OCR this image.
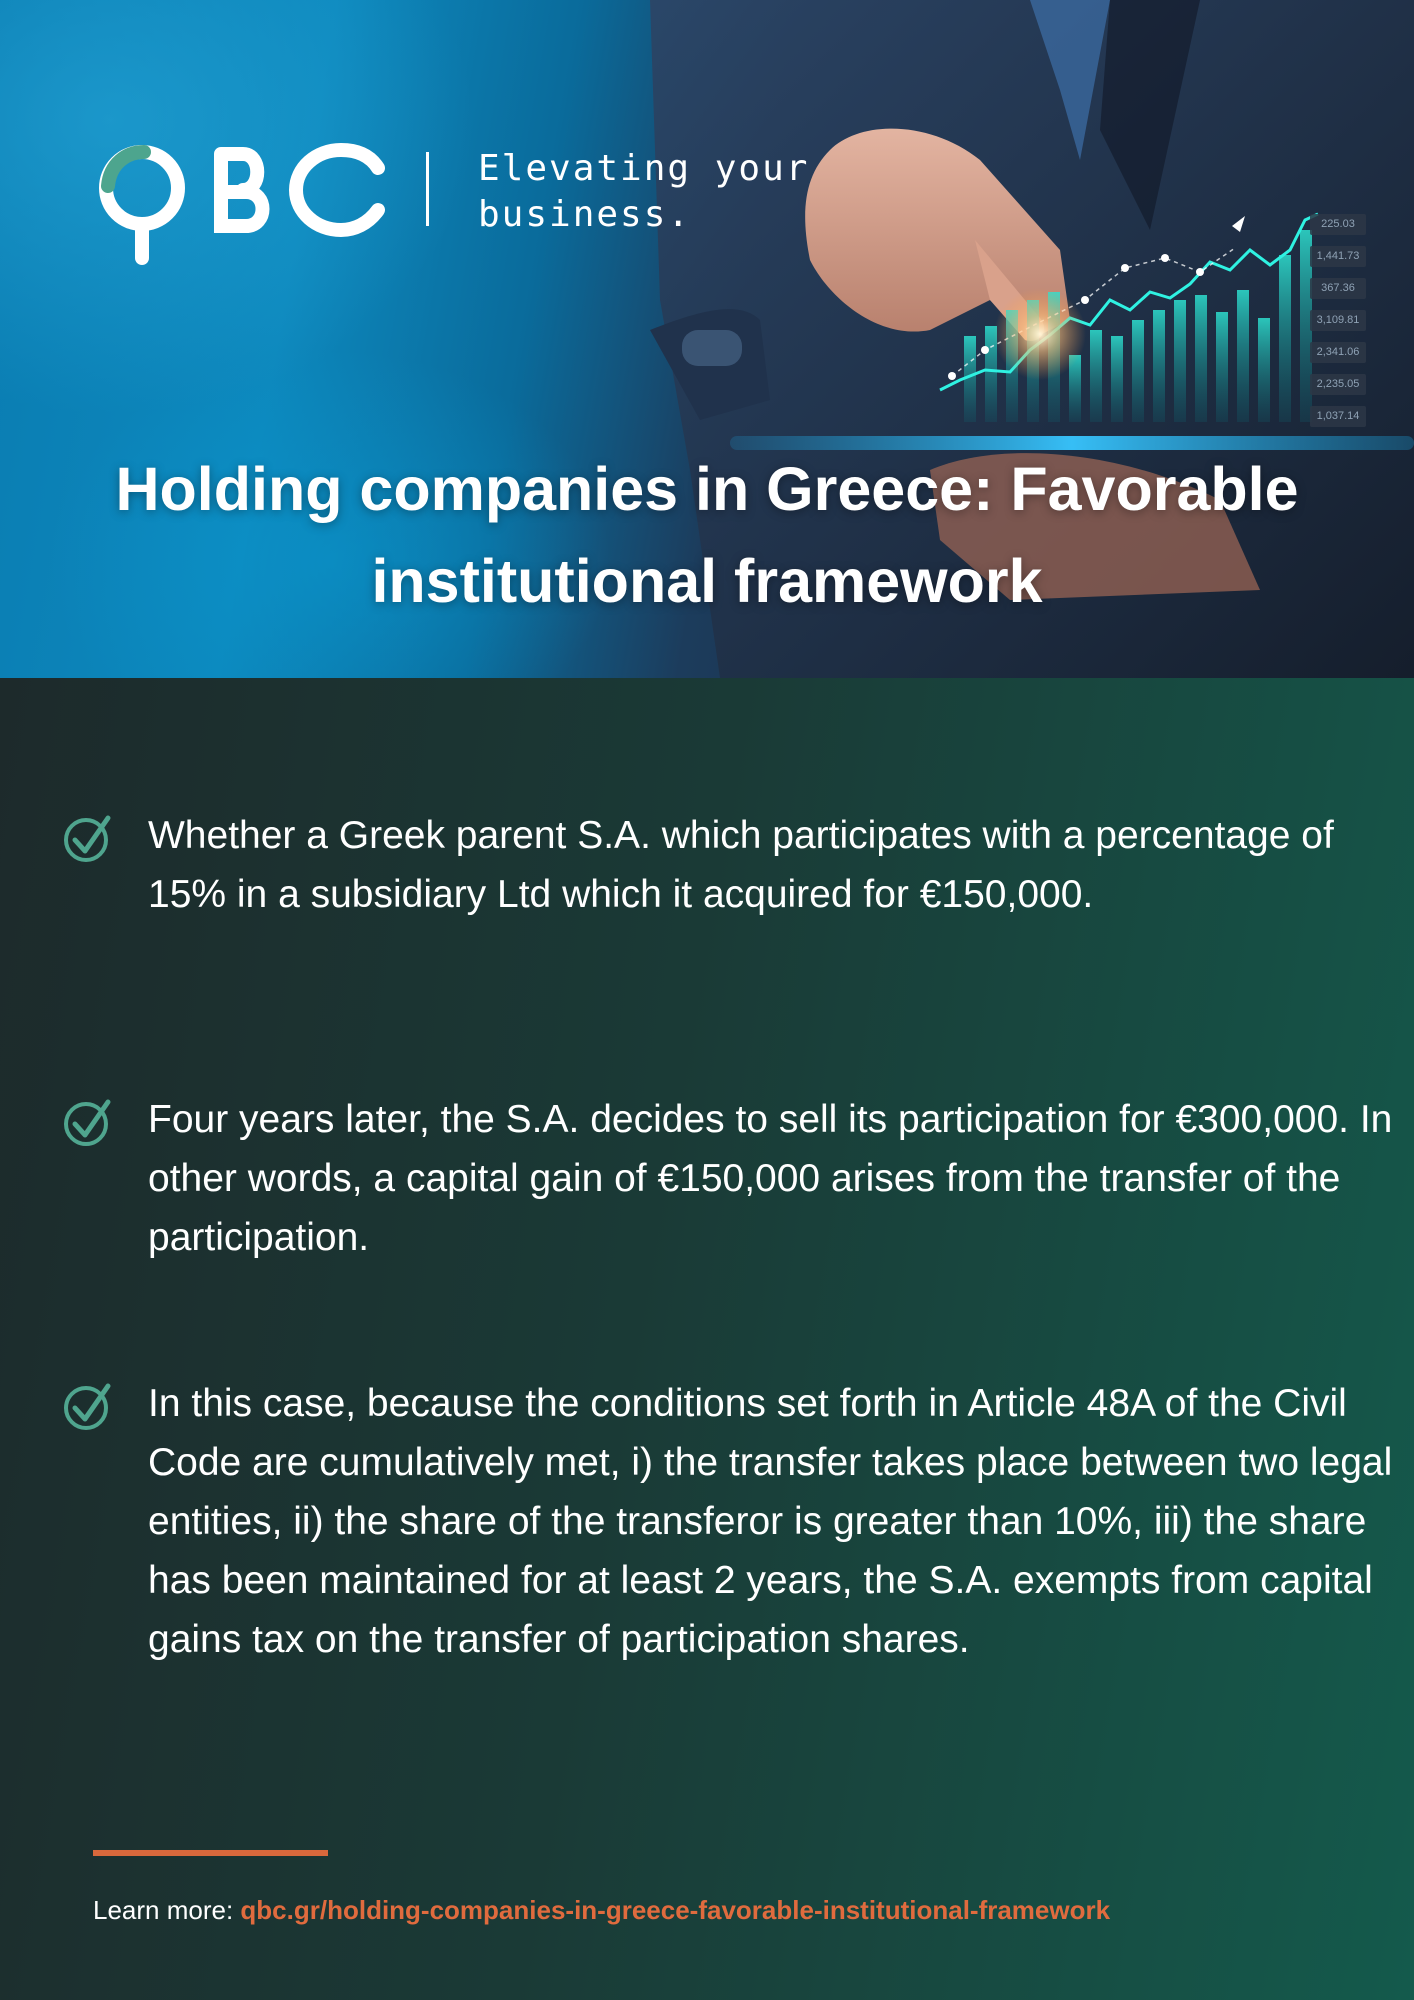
Elevating your
business.	225.03
1,441.73
367.36
3,109.81
2,341.06
2,235.05
1,037.14
Holding companies in Greece: Favorable institutional framework

Whether a Greek parent S.A. which participates with a percentage of 15% in a subsidiary Ltd which it acquired for €150,000.

Four years later, the S.A. decides to sell its participation for €300,000. In other words, a capital gain of €150,000 arises from the transfer of the participation.

In this case, because the conditions set forth in Article 48A of the Civil Code are cumulatively met, i) the transfer takes place between two legal entities, ii) the share of the transferor is greater than 10%, iii) the share has been maintained for at least 2 years, the S.A. exempts from capital gains tax on the transfer of participation shares.

Learn more: qbc.gr/holding-companies-in-greece-favorable-institutional-framework
